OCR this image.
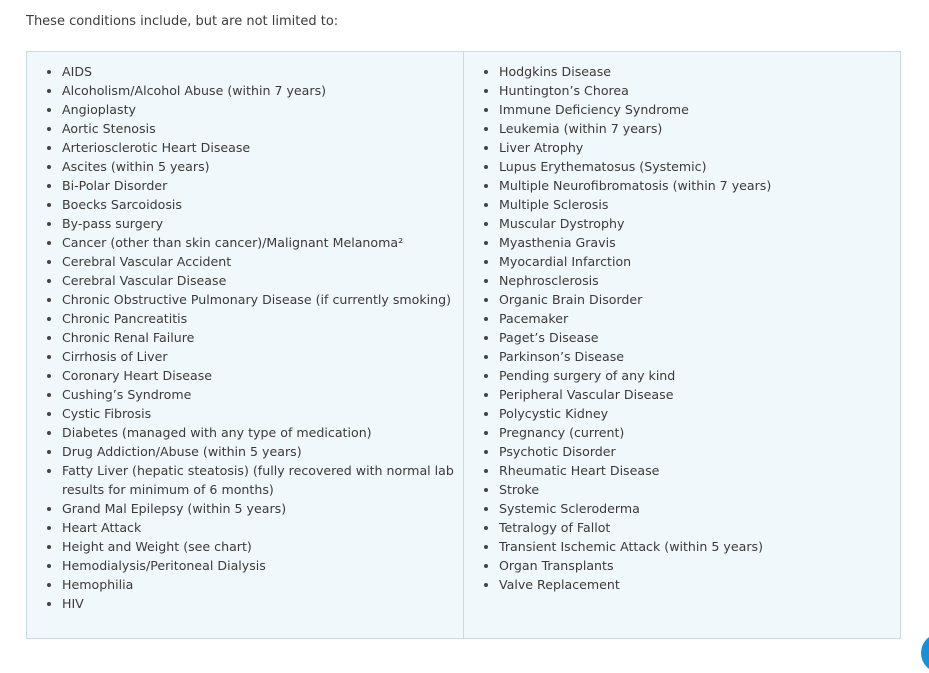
These conditions include, but are not limited to:

AIDS
Alcoholism/Alcohol Abuse (within 7 years)
Angioplasty
Aortic Stenosis
Arteriosclerotic Heart Disease
Ascites (within 5 years)
Bi-Polar Disorder
Boecks Sarcoidosis
By-pass surgery
Cancer (other than skin cancer)/Malignant Melanoma²
Cerebral Vascular Accident
Cerebral Vascular Disease
Chronic Obstructive Pulmonary Disease (if currently smoking)
Chronic Pancreatitis
Chronic Renal Failure
Cirrhosis of Liver
Coronary Heart Disease
Cushing’s Syndrome
Cystic Fibrosis
Diabetes (managed with any type of medication)
Drug Addiction/Abuse (within 5 years)
Fatty Liver (hepatic steatosis) (fully recovered with normal lab results for minimum of 6 months)
Grand Mal Epilepsy (within 5 years)
Heart Attack
Height and Weight (see chart)
Hemodialysis/Peritoneal Dialysis
Hemophilia
HIV
Hodgkins Disease
Huntington’s Chorea
Immune Deficiency Syndrome
Leukemia (within 7 years)
Liver Atrophy
Lupus Erythematosus (Systemic)
Multiple Neurofibromatosis (within 7 years)
Multiple Sclerosis
Muscular Dystrophy
Myasthenia Gravis
Myocardial Infarction
Nephrosclerosis
Organic Brain Disorder
Pacemaker
Paget’s Disease
Parkinson’s Disease
Pending surgery of any kind
Peripheral Vascular Disease
Polycystic Kidney
Pregnancy (current)
Psychotic Disorder
Rheumatic Heart Disease
Stroke
Systemic Scleroderma
Tetralogy of Fallot
Transient Ischemic Attack (within 5 years)
Organ Transplants
Valve Replacement
